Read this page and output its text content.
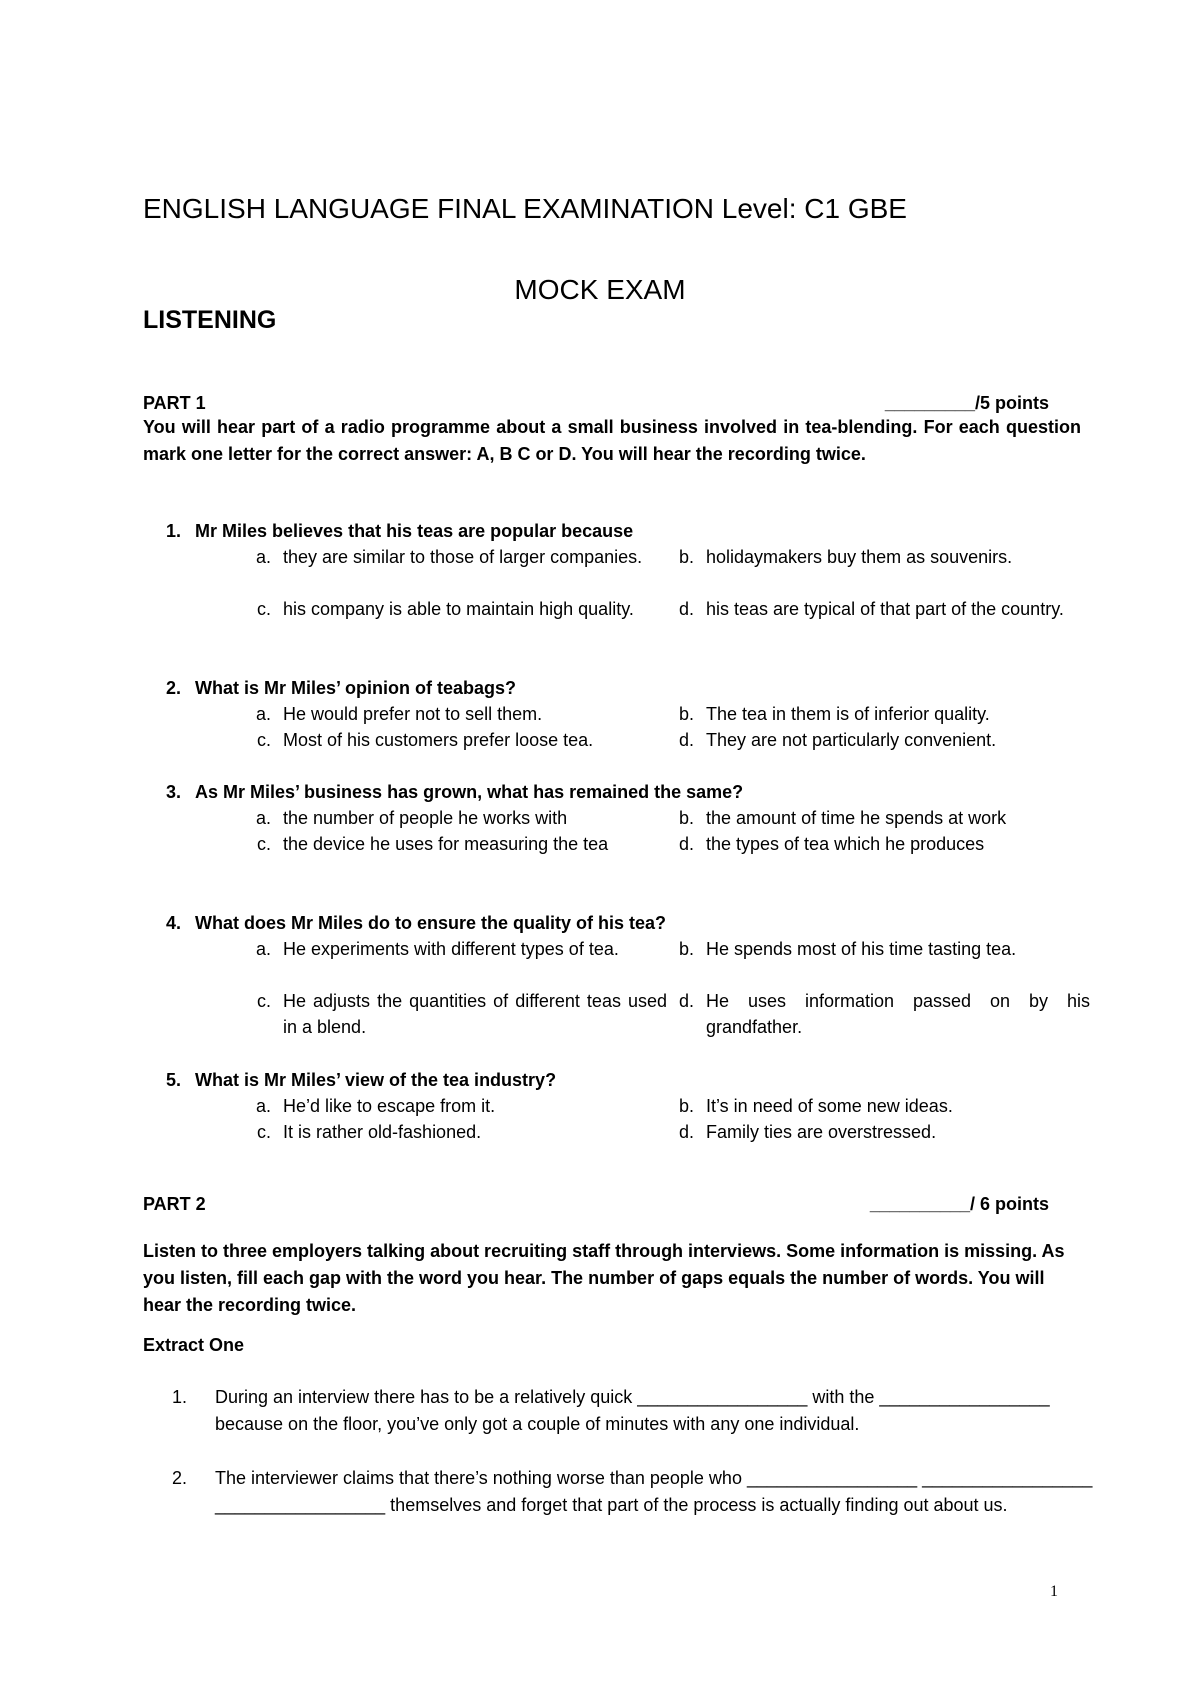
ENGLISH LANGUAGE FINAL EXAMINATION Level: C1 GBE
MOCK EXAM
LISTENING
PART 1	_________/5 points
You will hear part of a radio programme about a small business involved in tea-blending. For each question mark one letter for the correct answer: A, B C or D. You will hear the recording twice.
1. Mr Miles believes that his teas are popular because
a. they are similar to those of larger companies.	b. holidaymakers buy them as souvenirs.
c. his company is able to maintain high quality.	d. his teas are typical of that part of the country.
2. What is Mr Miles’ opinion of teabags?
a. He would prefer not to sell them.	b. The tea in them is of inferior quality.
c. Most of his customers prefer loose tea.	d. They are not particularly convenient.
3. As Mr Miles’ business has grown, what has remained the same?
a. the number of people he works with	b. the amount of time he spends at work
c. the device he uses for measuring the tea	d. the types of tea which he produces
4. What does Mr Miles do to ensure the quality of his tea?
a. He experiments with different types of tea.	b. He spends most of his time tasting tea.
c. He adjusts the quantities of different teas used in a blend.
d. He uses information passed on by his grandfather.
5. What is Mr Miles’ view of the tea industry?
a. He’d like to escape from it.	b. It’s in need of some new ideas.
c. It is rather old-fashioned.	d. Family ties are overstressed.
PART 2	__________/ 6 points
Listen to three employers talking about recruiting staff through interviews. Some information is missing. As you listen, fill each gap with the word you hear. The number of gaps equals the number of words. You will hear the recording twice.
Extract One
1. During an interview there has to be a relatively quick _________________ with the _________________ because on the floor, you’ve only got a couple of minutes with any one individual.
2. The interviewer claims that there’s nothing worse than people who _________________ _________________ _________________ themselves and forget that part of the process is actually finding out about us.
1
